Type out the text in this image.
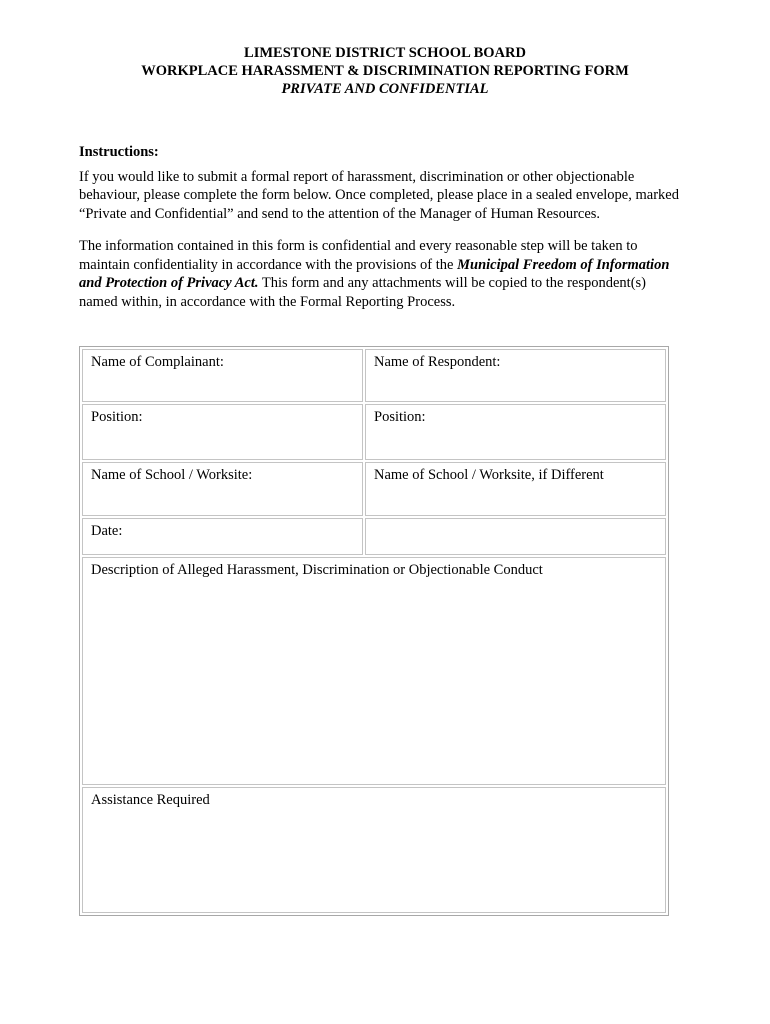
LIMESTONE DISTRICT SCHOOL BOARD
WORKPLACE HARASSMENT & DISCRIMINATION REPORTING FORM
PRIVATE AND CONFIDENTIAL
Instructions:

If you would like to submit a formal report of harassment, discrimination or other objectionable behaviour, please complete the form below. Once completed, please place in a sealed envelope, marked “Private and Confidential” and send to the attention of the Manager of Human Resources.

The information contained in this form is confidential and every reasonable step will be taken to maintain confidentiality in accordance with the provisions of the Municipal Freedom of Information and Protection of Privacy Act. This form and any attachments will be copied to the respondent(s) named within, in accordance with the Formal Reporting Process.

Name of Complainant:	Name of Respondent:
Position:	Position:
Name of School / Worksite:	Name of School / Worksite, if Different
Date:	
Description of Alleged Harassment, Discrimination or Objectionable Conduct	
Assistance Required	
